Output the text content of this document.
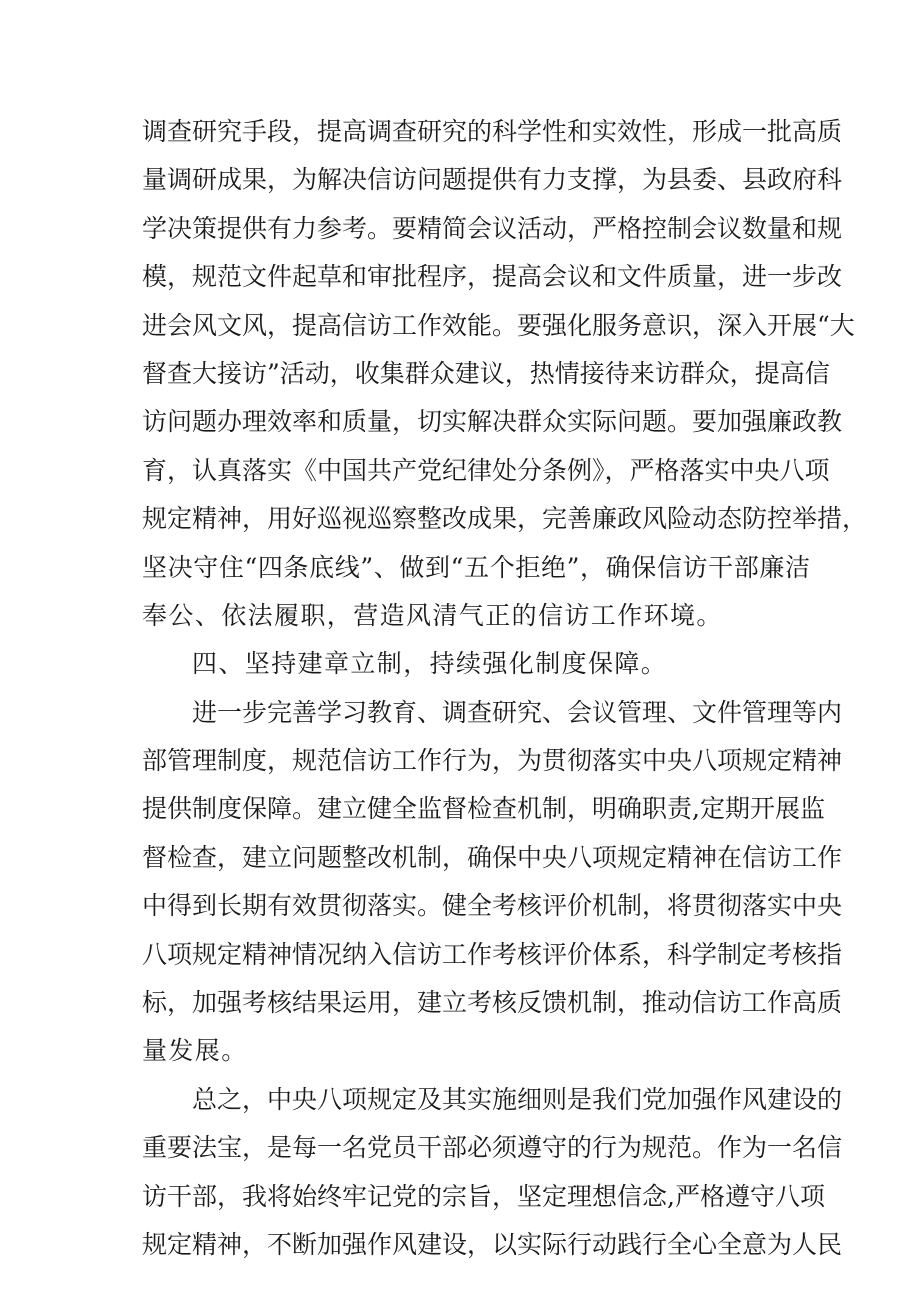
调查研究手段，提高调查研究的科学性和实效性，形成一批高质
量调研成果，为解决信访问题提供有力支撑，为县委、县政府科
学决策提供有力参考。要精简会议活动，严格控制会议数量和规
模，规范文件起草和审批程序，提高会议和文件质量，进一步改
进会风文风，提高信访工作效能。要强化服务意识，深入开展“大
督查大接访”活动，收集群众建议，热情接待来访群众，提高信
访问题办理效率和质量，切实解决群众实际问题。要加强廉政教
育，认真落实《中国共产党纪律处分条例》，严格落实中央八项
规定精神，用好巡视巡察整改成果，完善廉政风险动态防控举措，
坚决守住“四条底线”、做到“五个拒绝”，确保信访干部廉洁
奉公、依法履职，营造风清气正的信访工作环境。
四、坚持建章立制，持续强化制度保障。
进一步完善学习教育、调查研究、会议管理、文件管理等内
部管理制度，规范信访工作行为，为贯彻落实中央八项规定精神
提供制度保障。建立健全监督检查机制，明确职责,定期开展监
督检查，建立问题整改机制，确保中央八项规定精神在信访工作
中得到长期有效贯彻落实。健全考核评价机制，将贯彻落实中央
八项规定精神情况纳入信访工作考核评价体系，科学制定考核指
标，加强考核结果运用，建立考核反馈机制，推动信访工作高质
量发展。
总之，中央八项规定及其实施细则是我们党加强作风建设的
重要法宝，是每一名党员干部必须遵守的行为规范。作为一名信
访干部，我将始终牢记党的宗旨，坚定理想信念,严格遵守八项
规定精神，不断加强作风建设，以实际行动践行全心全意为人民
